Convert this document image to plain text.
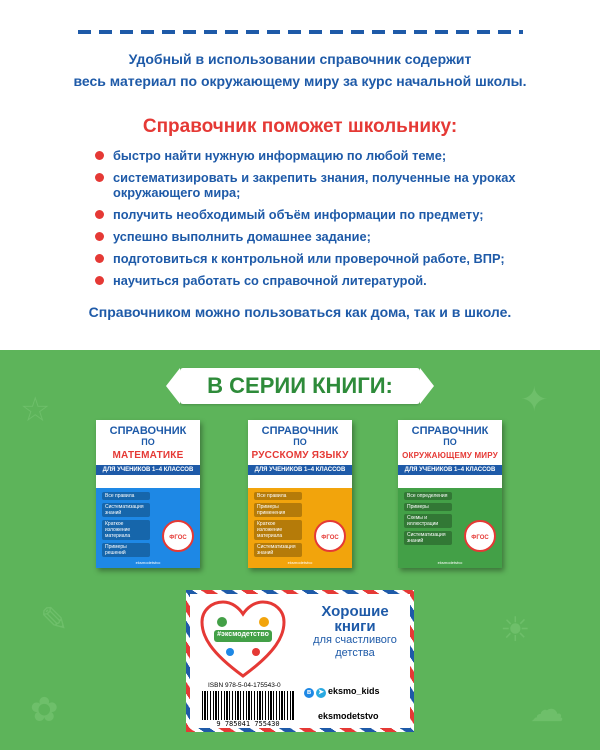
Удобный в использовании справочник содержит
весь материал по окружающему миру за курс начальной школы.
Справочник поможет школьнику:
быстро найти нужную информацию по любой теме;
систематизировать и закрепить знания, полученные на уроках окружающего мира;
получить необходимый объём информации по предмету;
успешно выполнить домашнее задание;
подготовиться к контрольной или проверочной работе, ВПР;
научиться работать со справочной литературой.
Справочником можно пользоваться как дома, так и в школе.
☆	✦
✎	☀
✿	☁
В СЕРИИ КНИГИ:
СПРАВОЧНИК
ПО
МАТЕМАТИКЕ
ДЛЯ УЧЕНИКОВ 1–4 КЛАССОВ
Все правила
Систематизация знаний
Краткое изложение материала
Примеры решений
ФГОС
eksmodetstvo
СПРАВОЧНИК
ПО
РУССКОМУ ЯЗЫКУ
ДЛЯ УЧЕНИКОВ 1–4 КЛАССОВ
Все правила
Примеры применения
Краткое изложение материала
Систематизация знаний
ФГОС
eksmodetstvo
СПРАВОЧНИК
ПО
ОКРУЖАЮЩЕМУ МИРУ
ДЛЯ УЧЕНИКОВ 1–4 КЛАССОВ
Все определения
Примеры
Схемы и иллюстрации
Систематизация знаний	ФГОС
eksmodetstvo
#эксмодетство
Хорошие
книги
для счастливого детства
ISBN 978-5-04-175543-0
9 785041 755430
в ➤ eksmo_kids
eksmodetstvo
